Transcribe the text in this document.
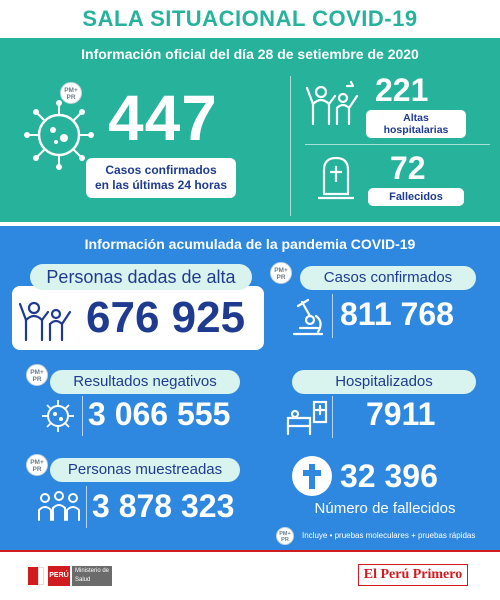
SALA SITUACIONAL COVID-19
Información oficial del día 28 de setiembre de 2020
PM+ PR 447
Casos confirmados
en las últimas 24 horas
221
Altas
hospitalarias
72
Fallecidos
Información acumulada de la pandemia COVID-19
Personas dadas de alta
676 925
PM+ PR	Casos confirmados
811 768
PM+ PR	Resultados negativos
3 066 555
Hospitalizados
7911
PM+ PR	Personas muestreadas
3 878 323
32 396
Número de fallecidos
PM+ PR	Incluye • pruebas moleculares + pruebas rápidas
PERÚ
Ministerio de Salud	El Perú Primero
